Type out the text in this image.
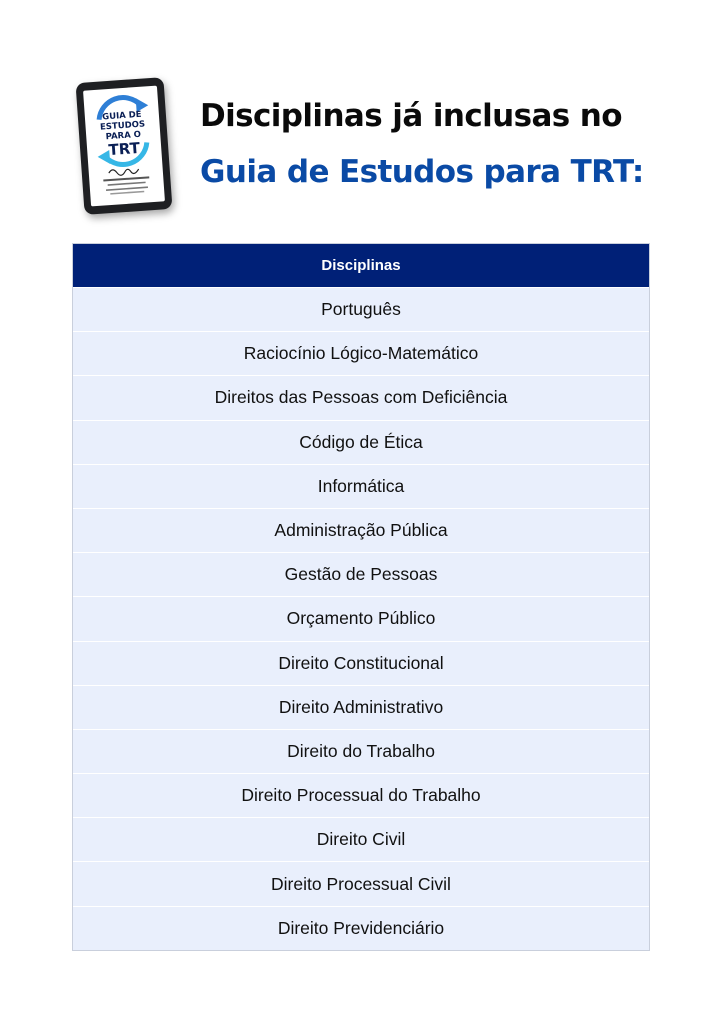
GUIA DE
ESTUDOS
PARA O
TRT
Disciplinas já inclusas no
Guia de Estudos para TRT:
Disciplinas
Português
Raciocínio Lógico-Matemático
Direitos das Pessoas com Deficiência
Código de Ética
Informática
Administração Pública
Gestão de Pessoas
Orçamento Público
Direito Constitucional
Direito Administrativo
Direito do Trabalho
Direito Processual do Trabalho
Direito Civil
Direito Processual Civil
Direito Previdenciário
